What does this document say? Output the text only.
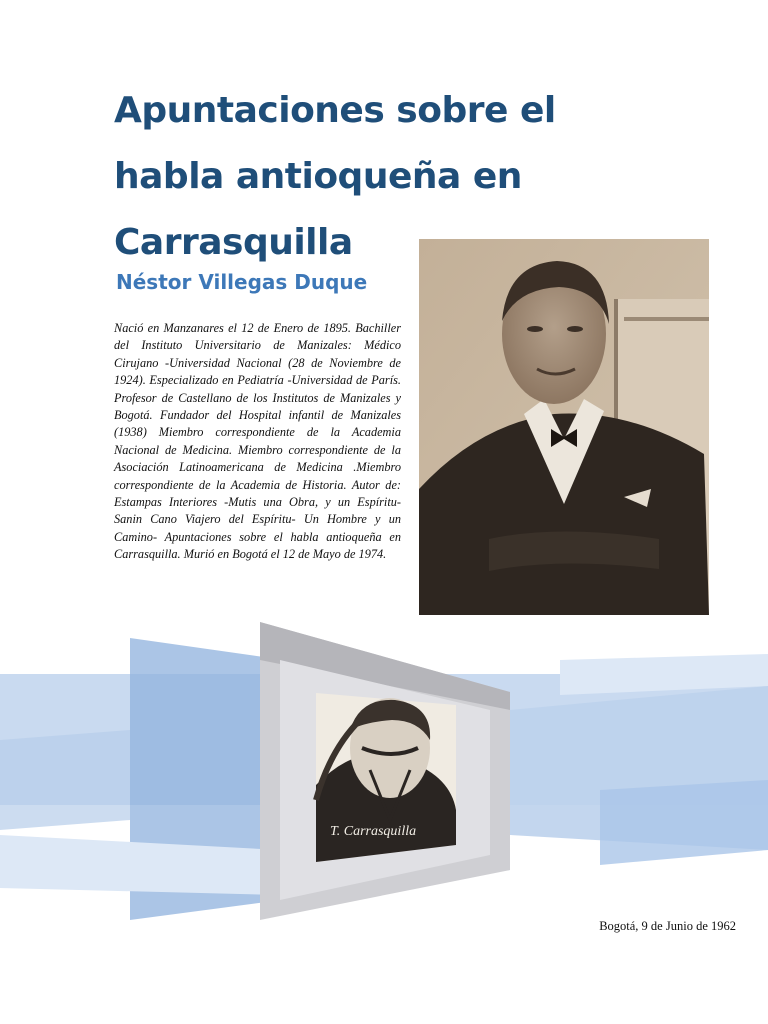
Apuntaciones sobre el habla antioqueña en Carrasquilla
Néstor Villegas Duque

Nació en Manzanares el 12 de Enero de 1895. Bachiller del Instituto Universitario de Manizales: Médico Cirujano -Universidad Nacional (28 de Noviembre de 1924). Especializado en Pediatría -Universidad de París. Profesor de Castellano de los Institutos de Manizales y Bogotá. Fundador del Hospital infantil de Manizales (1938) Miembro correspondiente de la Academia Nacional de Medicina. Miembro correspondiente de la Asociación Latinoamericana de Medicina .Miembro correspondiente de la Academia de Historia. Autor de: Estampas Interiores -Mutis una Obra, y un Espíritu- Sanin Cano Viajero del Espíritu- Un Hombre y un Camino- Apuntaciones sobre el habla antioqueña en Carrasquilla. Murió en Bogotá el 12 de Mayo de 1974.

T. Carrasquilla
Bogotá, 9 de Junio de 1962
